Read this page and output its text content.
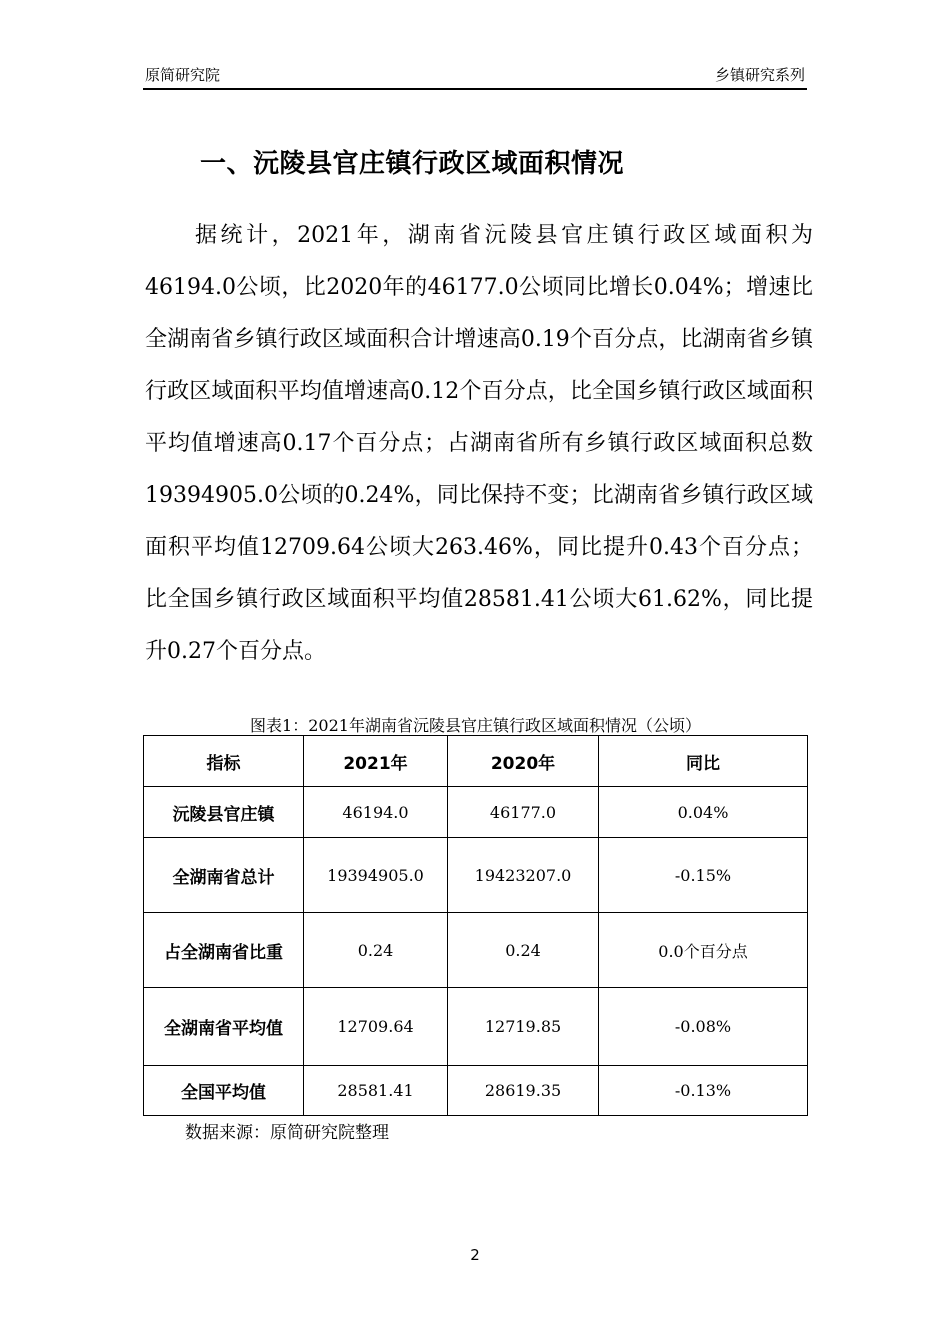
原简研究院	乡镇研究系列
一、沅陵县官庄镇行政区域面积情况

据统计，2021年，湖南省沅陵县官庄镇行政区域面积为46194.0公顷，比2020年的46177.0公顷同比增长0.04%；增速比全湖南省乡镇行政区域面积合计增速高0.19个百分点，比湖南省乡镇行政区域面积平均值增速高0.12个百分点，比全国乡镇行政区域面积平均值增速高0.17个百分点；占湖南省所有乡镇行政区域面积总数19394905.0公顷的0.24%，同比保持不变；比湖南省乡镇行政区域面积平均值12709.64公顷大263.46%，同比提升0.43个百分点；比全国乡镇行政区域面积平均值28581.41公顷大61.62%，同比提升0.27个百分点。

图表1：2021年湖南省沅陵县官庄镇行政区域面积情况（公顷）
指标	2021年	2020年	同比
沅陵县官庄镇	46194.0	46177.0	0.04%
全湖南省总计	19394905.0	19423207.0	-0.15%
占全湖南省比重	0.24	0.24	0.0个百分点
全湖南省平均值	12709.64	12719.85	-0.08%
全国平均值	28581.41	28619.35	-0.13%
数据来源：原简研究院整理
2
